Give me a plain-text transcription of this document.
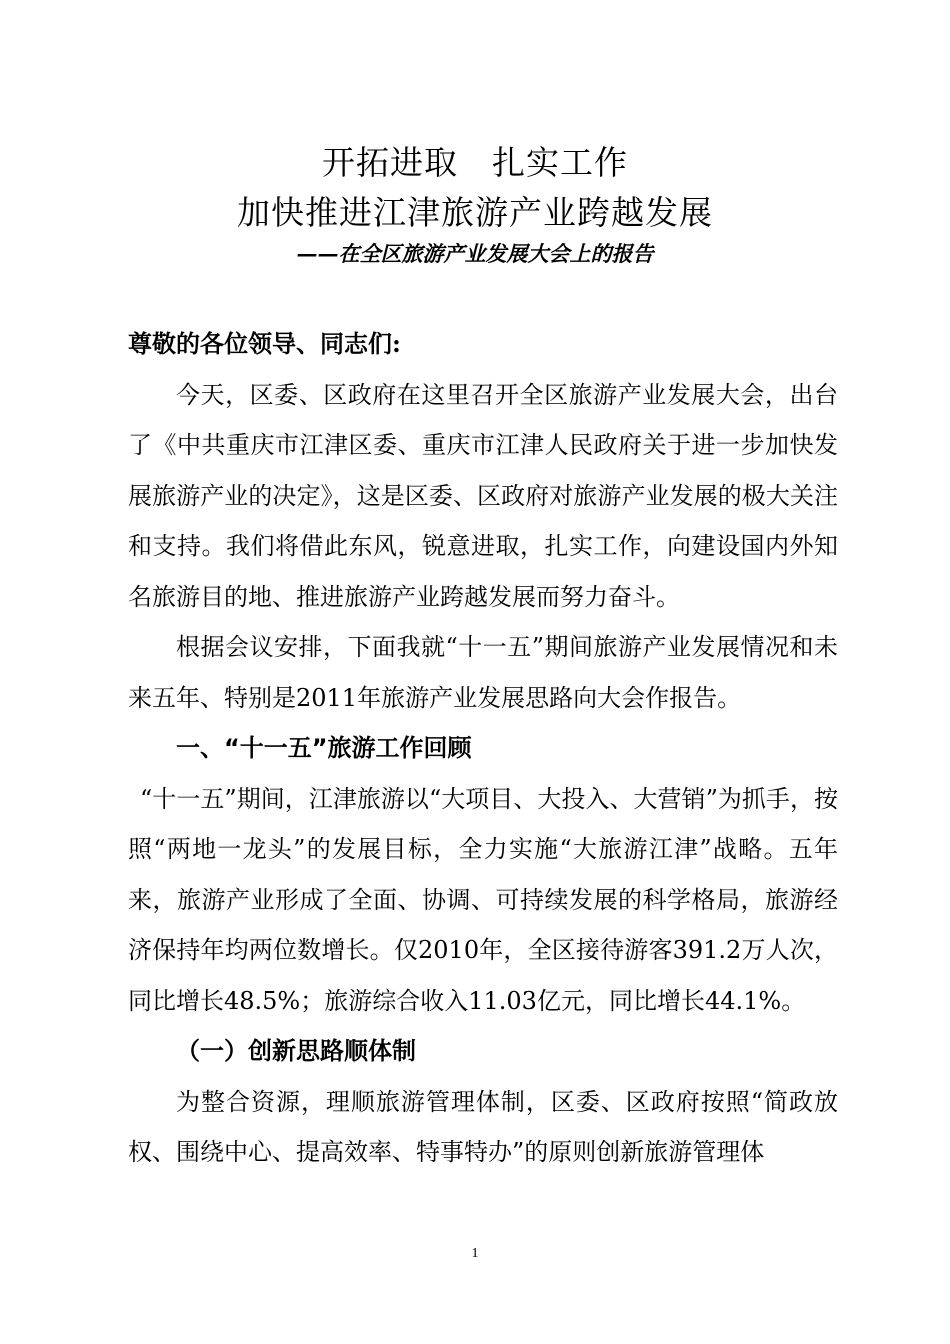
开拓进取　扎实工作
加快推进江津旅游产业跨越发展
——在全区旅游产业发展大会上的报告

尊敬的各位领导、同志们:

今天，区委、区政府在这里召开全区旅游产业发展大会，出台了《中共重庆市江津区委、重庆市江津人民政府关于进一步加快发展旅游产业的决定》，这是区委、区政府对旅游产业发展的极大关注和支持。我们将借此东风，锐意进取，扎实工作，向建设国内外知名旅游目的地、推进旅游产业跨越发展而努力奋斗。

根据会议安排，下面我就“十一五”期间旅游产业发展情况和未来五年、特别是2011年旅游产业发展思路向大会作报告。

一、“十一五”旅游工作回顾

“十一五”期间，江津旅游以“大项目、大投入、大营销”为抓手，按照“两地一龙头”的发展目标，全力实施“大旅游江津”战略。五年来，旅游产业形成了全面、协调、可持续发展的科学格局，旅游经济保持年均两位数增长。仅2010年，全区接待游客391.2万人次，同比增长48.5%；旅游综合收入11.03亿元，同比增长44.1%。

（一）创新思路顺体制

为整合资源，理顺旅游管理体制，区委、区政府按照“简政放权、围绕中心、提高效率、特事特办”的原则创新旅游管理体

1
